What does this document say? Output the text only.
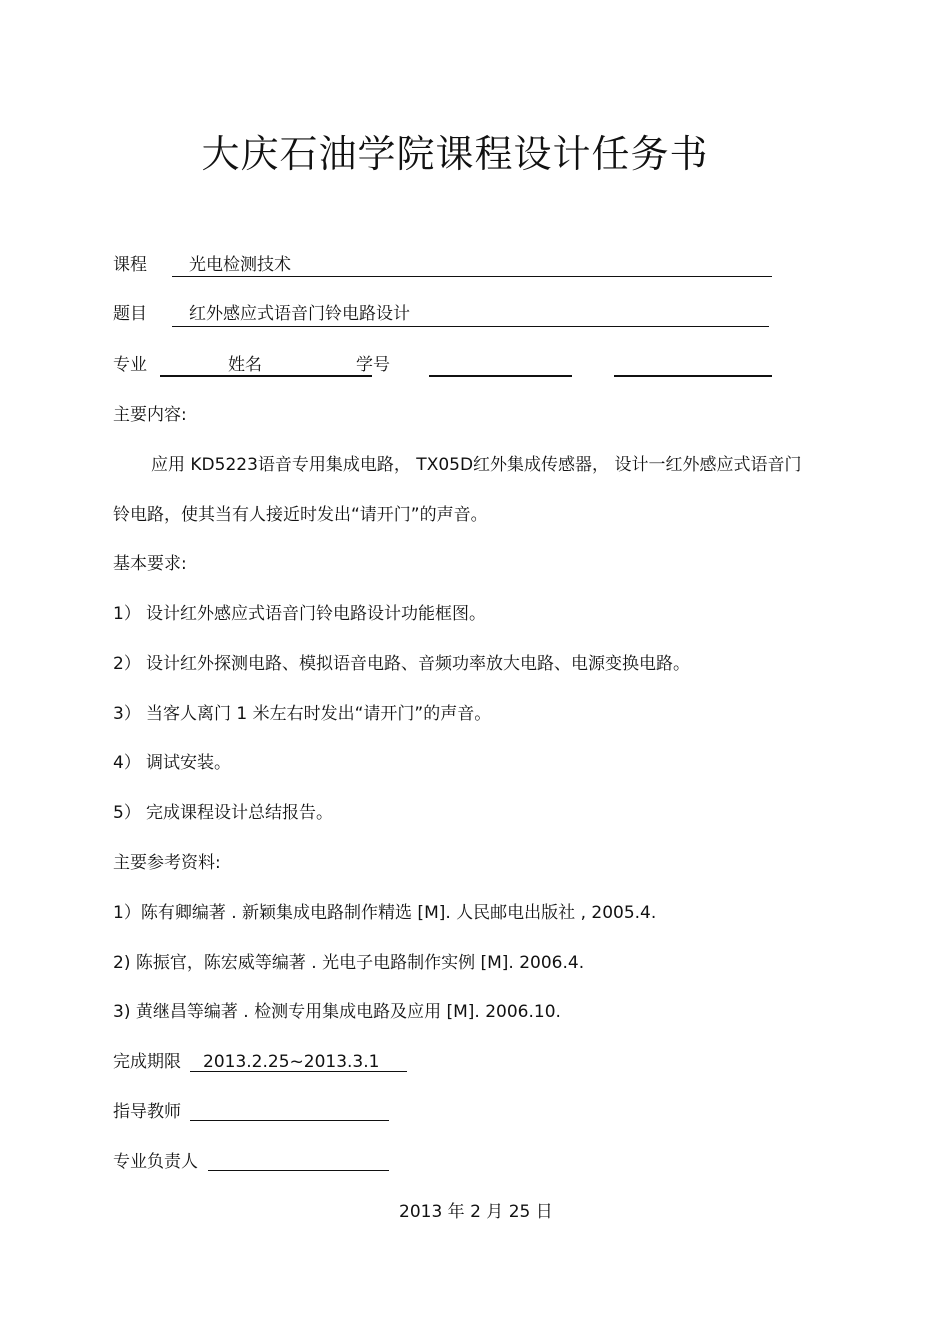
大庆石油学院课程设计任务书
课程 光电检测技术
题目 红外感应式语音门铃电路设计
专业	姓名	学号
主要内容:
应用 KD5223语音专用集成电路， TX05D红外集成传感器， 设计一红外感应式语音门
铃电路，使其当有人接近时发出“请开门”的声音。
基本要求:
1） 设计红外感应式语音门铃电路设计功能框图。
2） 设计红外探测电路、模拟语音电路、音频功率放大电路、电源变换电路。
3） 当客人离门 1 米左右时发出“请开门”的声音。
4） 调试安装。
5） 完成课程设计总结报告。
主要参考资料:
1）陈有卿编著 . 新颖集成电路制作精选 [M]. 人民邮电出版社 , 2005.4.
2) 陈振官，陈宏威等编著 . 光电子电路制作实例 [M]. 2006.4.
3) 黄继昌等编著 . 检测专用集成电路及应用 [M]. 2006.10.
完成期限 2013.2.25~2013.3.1
指导教师
专业负责人
2013 年 2 月 25 日
